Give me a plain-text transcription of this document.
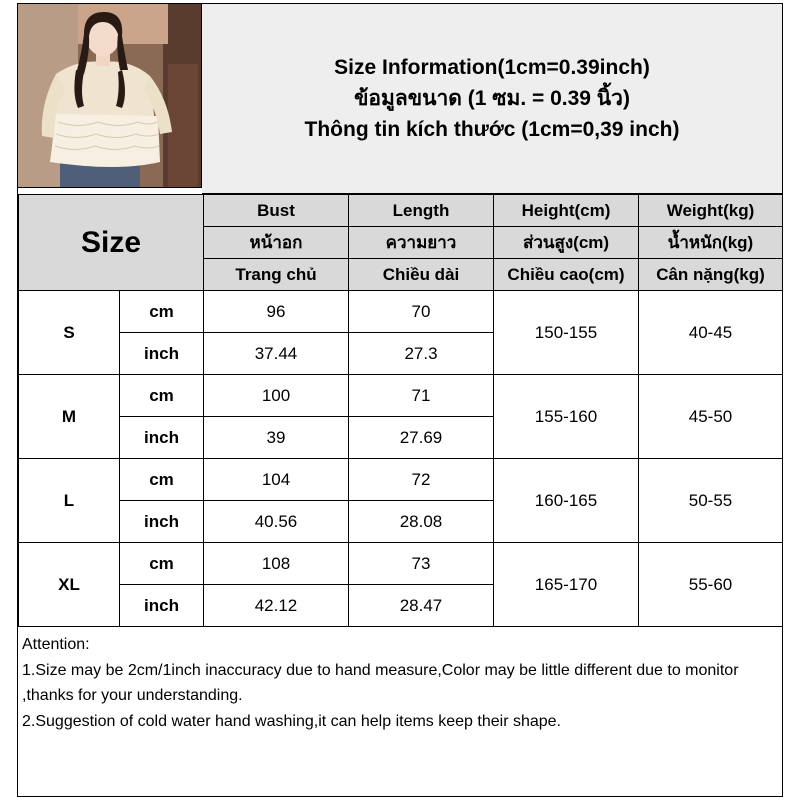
Size Information(1cm=0.39inch)
ข้อมูลขนาด (1 ซม. = 0.39 นิ้ว)
Thông tin kích thước (1cm=0,39 inch)
Size		Bust	Length	Height(cm)	Weight(kg)
		หน้าอก	ความยาว	ส่วนสูง(cm)	น้ำหนัก(kg)
		Trang chủ	Chiều dài	Chiều cao(cm)	Cân nặng(kg)
S	cm	96	70	150-155	40-45
	inch	37.44	27.3		
M	cm	100	71	155-160	45-50
	inch	39	27.69		
L	cm	104	72	160-165	50-55
	inch	40.56	28.08		
XL	cm	108	73	165-170	55-60
	inch	42.12	28.47		
Attention:
1.Size may be 2cm/1inch inaccuracy due to hand measure,Color may be little different due to monitor ,thanks for your understanding.
2.Suggestion of cold water hand washing,it can help items keep their shape.
